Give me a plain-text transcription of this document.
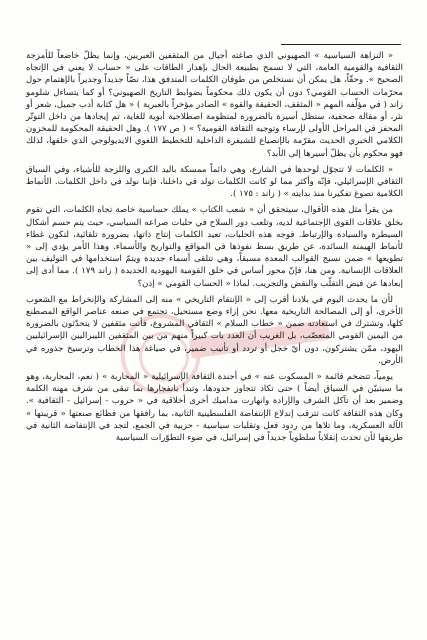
« النزاهة السياسية » الصهيوني الذي صاغته أجيال من المثقفين العبريين، وإنما يظلّ خاضعاً للأمزجة الثقافية والقومية العامة، التي لا تسمح بطبيعة الحال بإهدار الطاقات على « حساب لا يعني في الإتجاه الصحيح ». وحقّاً، هل يمكن أن نستخلص من طوفان الكلمات المتدفق هذا، نصّاً جديداً وجديراً بالإهتمام حول محرّمات الحساب القومي؟ دون أن يكون ذلك محكوماً بضوابط التاريخ الصهيوني؟ أو كما يتساءل شلومو زاند ( في مؤلّفه المهم « المثقف، الحقيقة والقوة » الصادر مؤخراً بالعبرية ) « هل كتابة أدب جميل، شعر أو نثر، أو مقالة صحفية، ستظل أسيرة بالضرورة لمنظومة اصطلاحية أبوية للغاية، تم إيجادها من داخل التوتّر المحفز في المراحل الأولى لإرساء وتوجيه الثقافة القومية؟ » ( ص ١٧٧ ). وهل الحقيقة المحكومة للمخزون الكلامي الخبري الحديث مقرّمة بالإنصياع للشيفرة الداخلية للتخطيط اللغوي الايديولوجي الذي خلقها، لذلك فهو محكوم بأن يظلّ أسيرها إلى الأبد؟

« الكلمات لا تتجوّل لوحدها في الشارع، وهي دائماً ممسكة باليد الكبرى واللزجة للأشياء، وفي السياق الثقافي الإسرائيلي، فإنّه وأكثر مما لو كانت الكلمات تولد في داخلنا، فإننا نولد في داخل الكلمات. الأنماط الكلامية تصوغ تفكيرنا منذ بدايته » ( زاند : ١٧٥ ).

من يقرأ مثل هذه الأقوال، سيتحقق أن « شعب الكتاب » يملك حساسية خاصة تجاه الكلمات، التي تقوم بخلق علاقات القوى الإجتماعية لديه، وتلعب دور السلاح في حلبات صراعه السياسي، حيث يتم حسم أشكال السيطرة والسيادة والإرتباط. فوجه هذه الحلبات، تعيد الكلمات إنتاج ذاتها، بضرورة تلقائية، لتكون غطاء لأنماط الهيمنة السائدة، عن طريق بسط نفوذها في المواقع والتواريخ والأسماء. وهذا الأمر يؤدي إلى « تطويعها » ضمن نسيج القوالب المعدة مسبقاً، وهي تتلقى أسماء جديدة ويتمّ استخدامها في التوليف بين العلاقات الإنسانية. ومن هنا، فإنّ محور أساس في خلق القومية اليهودية الجديدة ( زاند ١٧٩ ). مما أدى إلى إبعادها عن فيض التقلّب والنقض والتجريب. لماذا « الحساب القومي » إذن؟

لأن ما يحدث اليوم في بلادنا أقرب إلى « الإنتقام التاريخي » منه إلى المشاركة والإنخراط مع الشعوب الأخرى، أو إلى المصالحة التاريخية معها. نحن إزاء وضع مستحيل، تجتمع في صنعه عناصر الواقع المصطنع كلها، وتشترك في استعادته ضمن « خطاب السلام » الثقافي المشروع، فأنت مثقفين لا يتحدّثون بالضرورة من اليمين القومي المتعصّب، بل الغريب أن العدد بات كبيراً منهم من بين المثقفين الليبراليين الإسرائيليين اليهود، ممّن يشتركون، دون أيّ خجل أو تردد أو تأنيب ضمير، في صياغة هذا الخطاب وترسيخ جذوره في الأرض.

يومياً، تتضخم قائمة « المسكوت عنه » في أجندة الثقافة الإسرائيلية « المحاربة » ( نعم، المحاربة، وهو ما سيتبيّن في السياق أيضاً ) حتى تكاد تتجاوز حدودها، وتبدأ بانفجارها بما تبقى من شرف مهنة الكلمة وضمير بعد أن تآكل الشرف والإرادة وانهارت مداميك أخرى أخلاقية في « حروب - إسرائيل - الثقافية ». وكان هذه الثقافة كانت تترقب إندلاع الإنتفاضة الفلسطينية الثانية، بما رافقها من فظائع صنعتها « قريبتها » الآلة العسكرية، وما تلاها من ردود فعل وتقلبات سياسية - حزبية في الجمع، لتجد في الإنتفاضة الثانية في طريقها لأن تحدث إنقلاباً سلطوياً جديداً في إسرائيل، في ضوء التطوّرات السياسية
